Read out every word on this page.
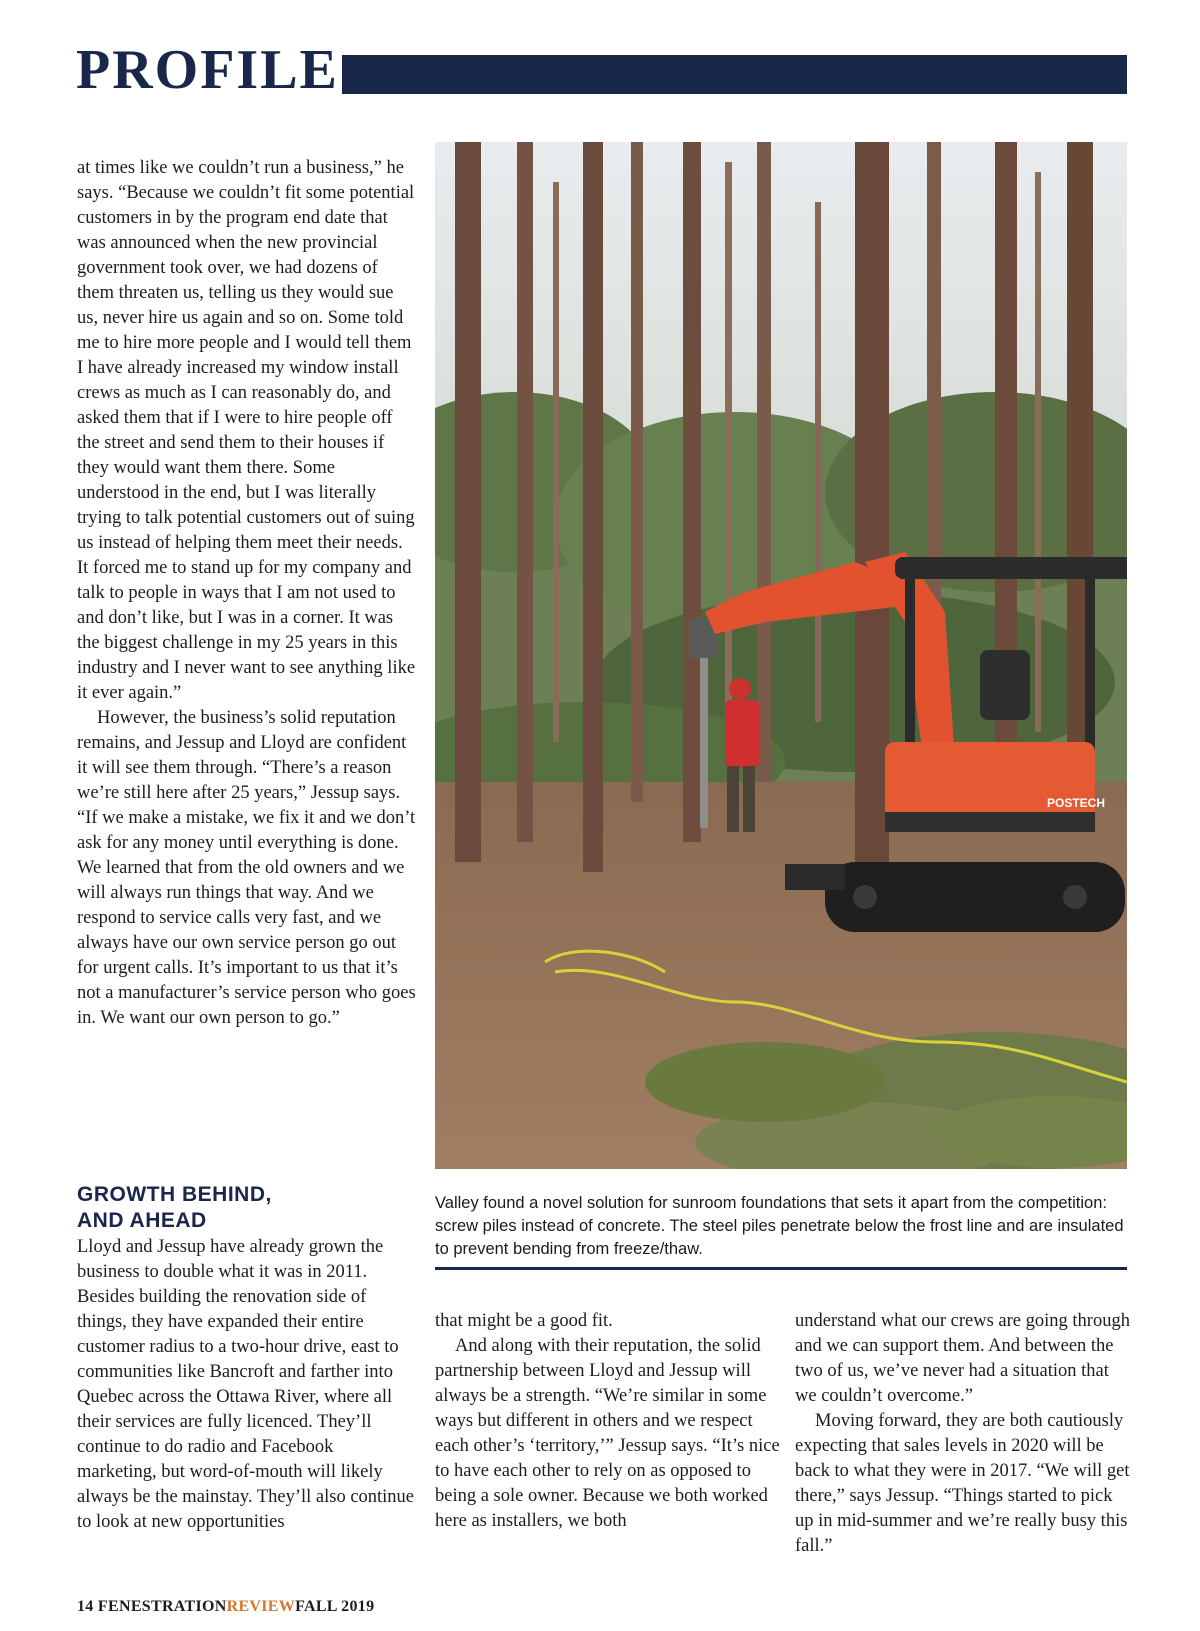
PROFILE

at times like we couldn’t run a business,” he says. “Because we couldn’t fit some potential customers in by the program end date that was announced when the new provincial government took over, we had dozens of them threaten us, telling us they would sue us, never hire us again and so on. Some told me to hire more people and I would tell them I have already increased my window install crews as much as I can reasonably do, and asked them that if I were to hire people off the street and send them to their houses if they would want them there. Some understood in the end, but I was literally trying to talk potential customers out of suing us instead of helping them meet their needs. It forced me to stand up for my company and talk to people in ways that I am not used to and don’t like, but I was in a corner. It was the biggest challenge in my 25 years in this industry and I never want to see anything like it ever again.”

However, the business’s solid reputation remains, and Jessup and Lloyd are confident it will see them through. “There’s a reason we’re still here after 25 years,” Jessup says. “If we make a mistake, we fix it and we don’t ask for any money until everything is done. We learned that from the old owners and we will always run things that way. And we respond to service calls very fast, and we always have our own service person go out for urgent calls. It’s important to us that it’s not a manufacturer’s service person who goes in. We want our own person to go.”

GROWTH BEHIND,
AND AHEAD

Lloyd and Jessup have already grown the business to double what it was in 2011. Besides building the renovation side of things, they have expanded their entire customer radius to a two-hour drive, east to communities like Bancroft and farther into Quebec across the Ottawa River, where all their services are fully licenced. They’ll continue to do radio and Facebook marketing, but word-of-mouth will likely always be the mainstay. They’ll also continue to look at new opportunities

POSTECH
Valley found a novel solution for sunroom foundations that sets it apart from the competition: screw piles instead of concrete. The steel piles penetrate below the frost line and are insulated to prevent bending from freeze/thaw.

that might be a good fit.

And along with their reputation, the solid partnership between Lloyd and Jessup will always be a strength. “We’re similar in some ways but different in others and we respect each other’s ‘territory,’” Jessup says. “It’s nice to have each other to rely on as opposed to being a sole owner. Because we both worked here as installers, we both

understand what our crews are going through and we can support them. And between the two of us, we’ve never had a situation that we couldn’t overcome.”

Moving forward, they are both cautiously expecting that sales levels in 2020 will be back to what they were in 2017. “We will get there,” says Jessup. “Things started to pick up in mid-summer and we’re really busy this fall.”

14 FENESTRATIONREVIEWFALL 2019
